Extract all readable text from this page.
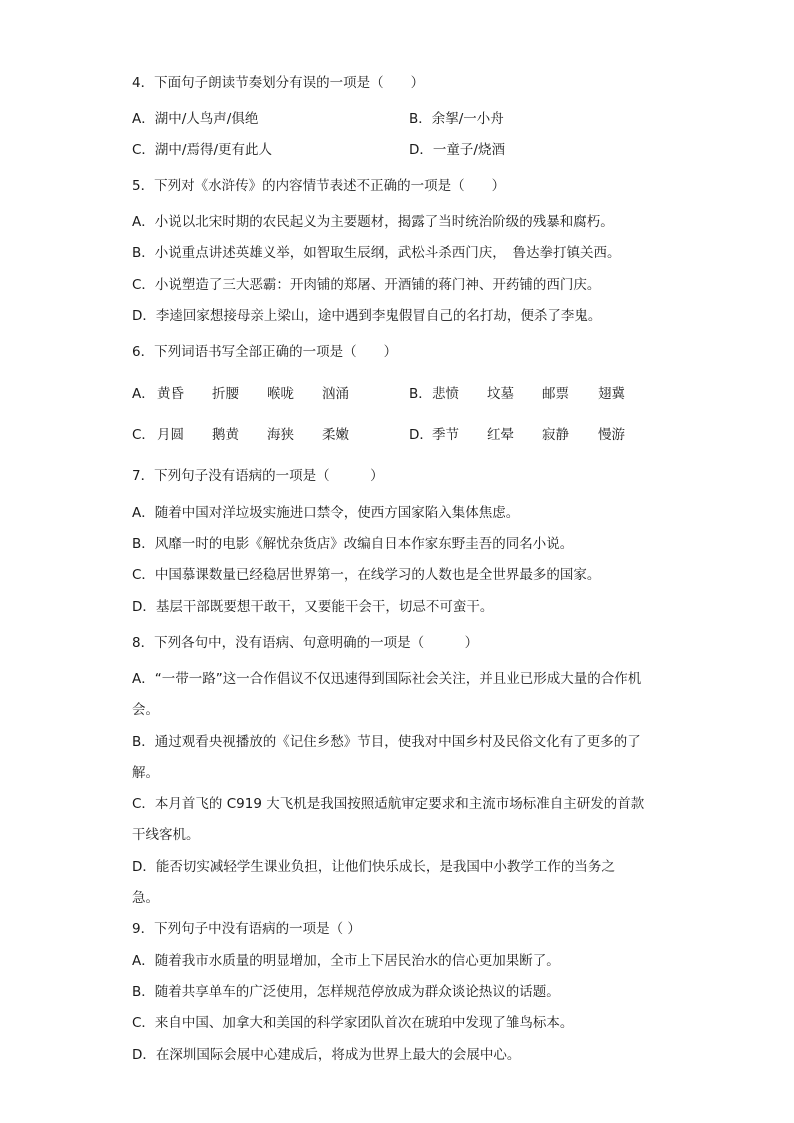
4．下面句子朗读节奏划分有误的一项是（　　）
A．湖中/人鸟声/俱绝	B．余挐/一小舟
C．湖中/焉得/更有此人	D．一童子/烧酒
5．下列对《水浒传》的内容情节表述不正确的一项是（　　）
A．小说以北宋时期的农民起义为主要题材，揭露了当时统治阶级的残暴和腐朽。
B．小说重点讲述英雄义举，如智取生辰纲，武松斗杀西门庆，　鲁达拳打镇关西。
C．小说塑造了三大恶霸：开肉铺的郑屠、开酒铺的蒋门神、开药铺的西门庆。
D．李逵回家想接母亲上梁山，途中遇到李鬼假冒自己的名打劫，便杀了李鬼。
6．下列词语书写全部正确的一项是（　　）
A． 黄昏 折腰 喉咙 汹涌	B． 悲愤 坟墓 邮票 翅冀
C． 月圆 鹅黄 海狭 柔嫩	D． 季节 红晕 寂静 慢游
7．下列句子没有语病的一项是（　　　）
A．随着中国对洋垃圾实施进口禁令，使西方国家陷入集体焦虑。
B．风靡一时的电影《解忧杂货店》改编自日本作家东野圭吾的同名小说。
C．中国慕课数量已经稳居世界第一，在线学习的人数也是全世界最多的国家。
D．基层干部既要想干敢干，又要能干会干，切忌不可蛮干。
8．下列各句中，没有语病、句意明确的一项是（　　　）
A．“一带一路”这一合作倡议不仅迅速得到国际社会关注，并且业已形成大量的合作机
会。
B．通过观看央视播放的《记住乡愁》节目，使我对中国乡村及民俗文化有了更多的了
解。
C．本月首飞的 C919 大飞机是我国按照适航审定要求和主流市场标准自主研发的首款
干线客机。
D．能否切实减轻学生课业负担，让他们快乐成长，是我国中小教学工作的当务之
急。
9．下列句子中没有语病的一项是（ ）
A．随着我市水质量的明显增加，全市上下居民治水的信心更加果断了。
B．随着共享单车的广泛使用，怎样规范停放成为群众谈论热议的话题。
C．来自中国、加拿大和美国的科学家团队首次在琥珀中发现了雏鸟标本。
D．在深圳国际会展中心建成后，将成为世界上最大的会展中心。
